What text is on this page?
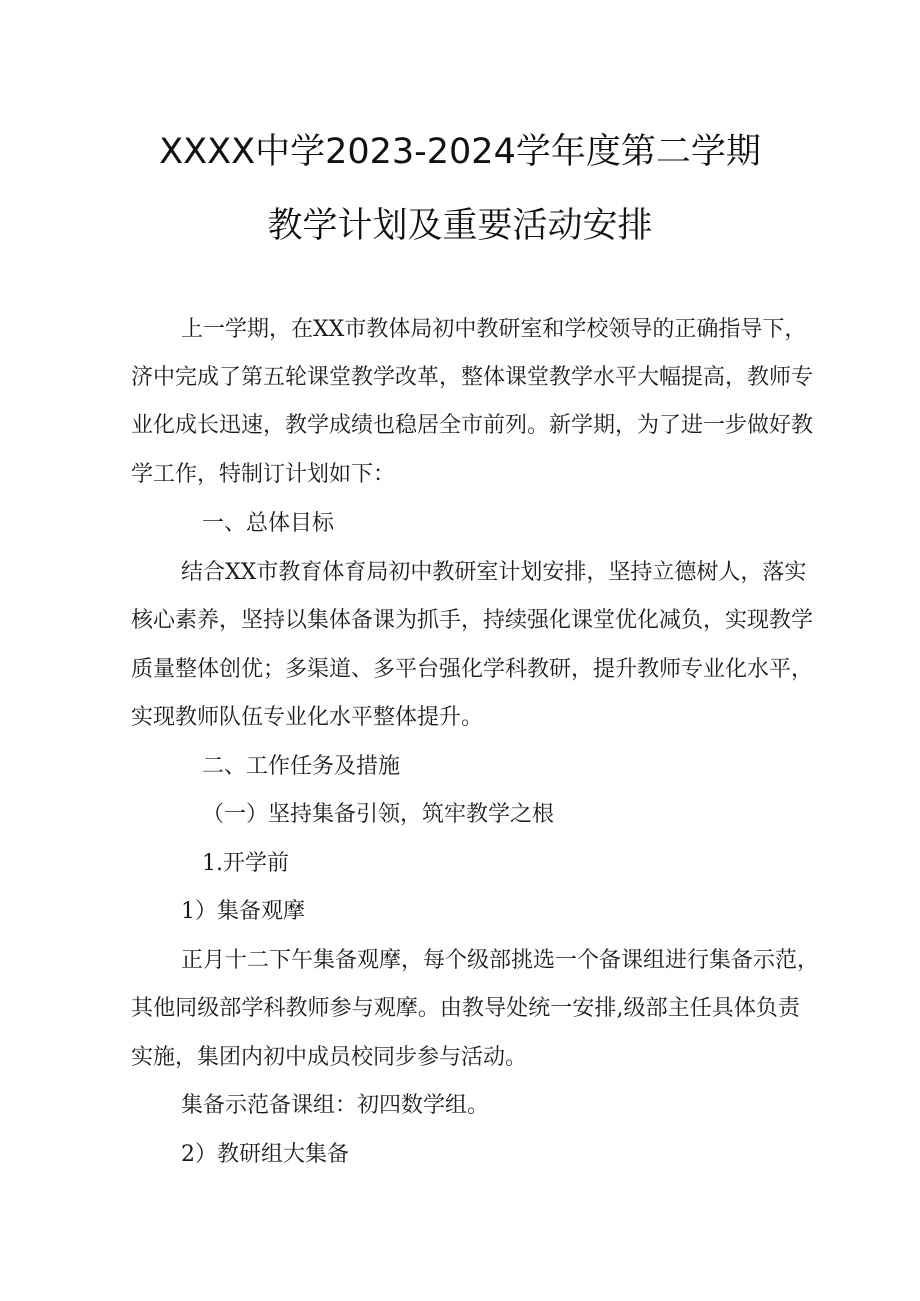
XXXX中学2023-2024学年度第二学期
教学计划及重要活动安排
上一学期，在XX市教体局初中教研室和学校领导的正确指导下，
济中完成了第五轮课堂教学改革，整体课堂教学水平大幅提高，教师专
业化成长迅速，教学成绩也稳居全市前列。新学期，为了进一步做好教
学工作，特制订计划如下：
一、总体目标
结合XX市教育体育局初中教研室计划安排，坚持立德树人，落实
核心素养，坚持以集体备课为抓手，持续强化课堂优化减负，实现教学
质量整体创优；多渠道、多平台强化学科教研，提升教师专业化水平，
实现教师队伍专业化水平整体提升。
二、工作任务及措施
（一）坚持集备引领，筑牢教学之根
1.开学前
1）集备观摩
正月十二下午集备观摩，每个级部挑选一个备课组进行集备示范，
其他同级部学科教师参与观摩。由教导处统一安排,级部主任具体负责
实施，集团内初中成员校同步参与活动。
集备示范备课组：初四数学组。
2）教研组大集备
